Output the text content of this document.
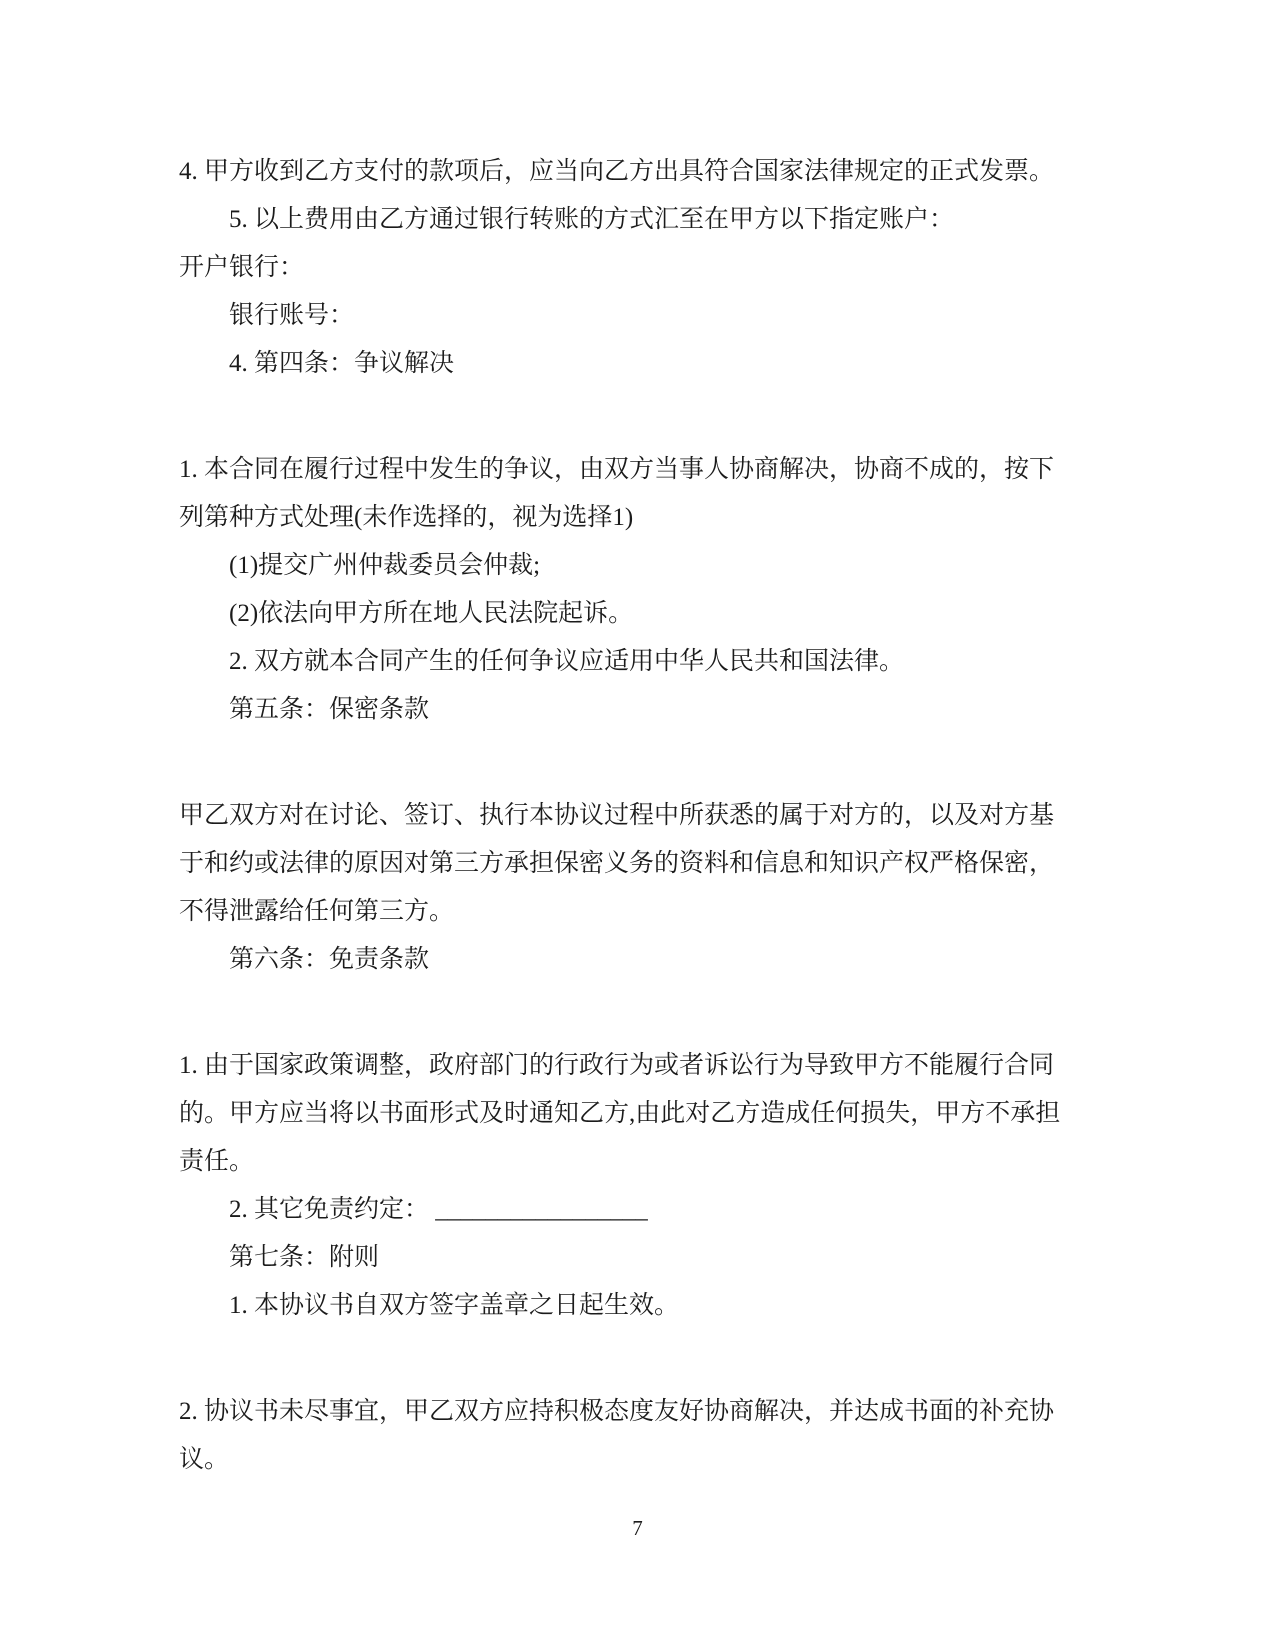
4. 甲方收到乙方支付的款项后，应当向乙方出具符合国家法律规定的正式发票。
5. 以上费用由乙方通过银行转账的方式汇至在甲方以下指定账户：
开户银行：
银行账号：
4. 第四条：争议解决
1. 本合同在履行过程中发生的争议，由双方当事人协商解决，协商不成的，按下
列第种方式处理(未作选择的，视为选择1)
(1)提交广州仲裁委员会仲裁;
(2)依法向甲方所在地人民法院起诉。
2. 双方就本合同产生的任何争议应适用中华人民共和国法律。
第五条：保密条款
甲乙双方对在讨论、签订、执行本协议过程中所获悉的属于对方的，以及对方基
于和约或法律的原因对第三方承担保密义务的资料和信息和知识产权严格保密，
不得泄露给任何第三方。
第六条：免责条款
1. 由于国家政策调整，政府部门的行政行为或者诉讼行为导致甲方不能履行合同
的。甲方应当将以书面形式及时通知乙方,由此对乙方造成任何损失，甲方不承担
责任。
2. 其它免责约定： _________________
第七条：附则
1. 本协议书自双方签字盖章之日起生效。
2. 协议书未尽事宜，甲乙双方应持积极态度友好协商解决，并达成书面的补充协
议。
7
